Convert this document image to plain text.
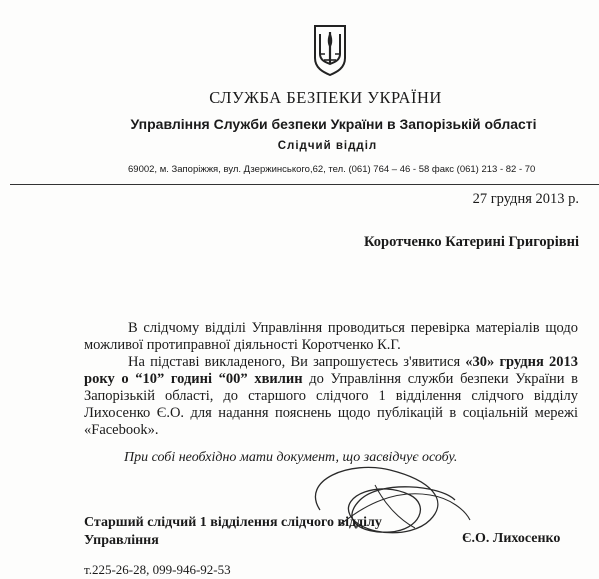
СЛУЖБА БЕЗПЕКИ УКРАЇНИ
Управління Служби безпеки України в Запорізькій області
Слідчий відділ
69002, м. Запоріжжя, вул. Дзержинського,62, тел. (061) 764 – 46 - 58 факс (061) 213 - 82 - 70
27 грудня 2013 р.
Коротченко Катерині Григорівні

В слідчому відділі Управління проводиться перевірка матеріалів щодо можливої протиправної діяльності Коротченко К.Г.

На підставі викладеного, Ви запрошуєтесь з'явитися «30» грудня 2013 року о “10” годині “00” хвилин до Управління служби безпеки України в Запорізькій області, до старшого слідчого 1 відділення слідчого відділу Лихосенко Є.О. для надання пояснень щодо публікацій в соціальній мережі «Facebook».

При собі необхідно мати документ, що засвідчує особу.
Старший слідчий 1 відділення слідчого відділу
Управління	Є.О. Лихосенко
т.225-26-28, 099-946-92-53
